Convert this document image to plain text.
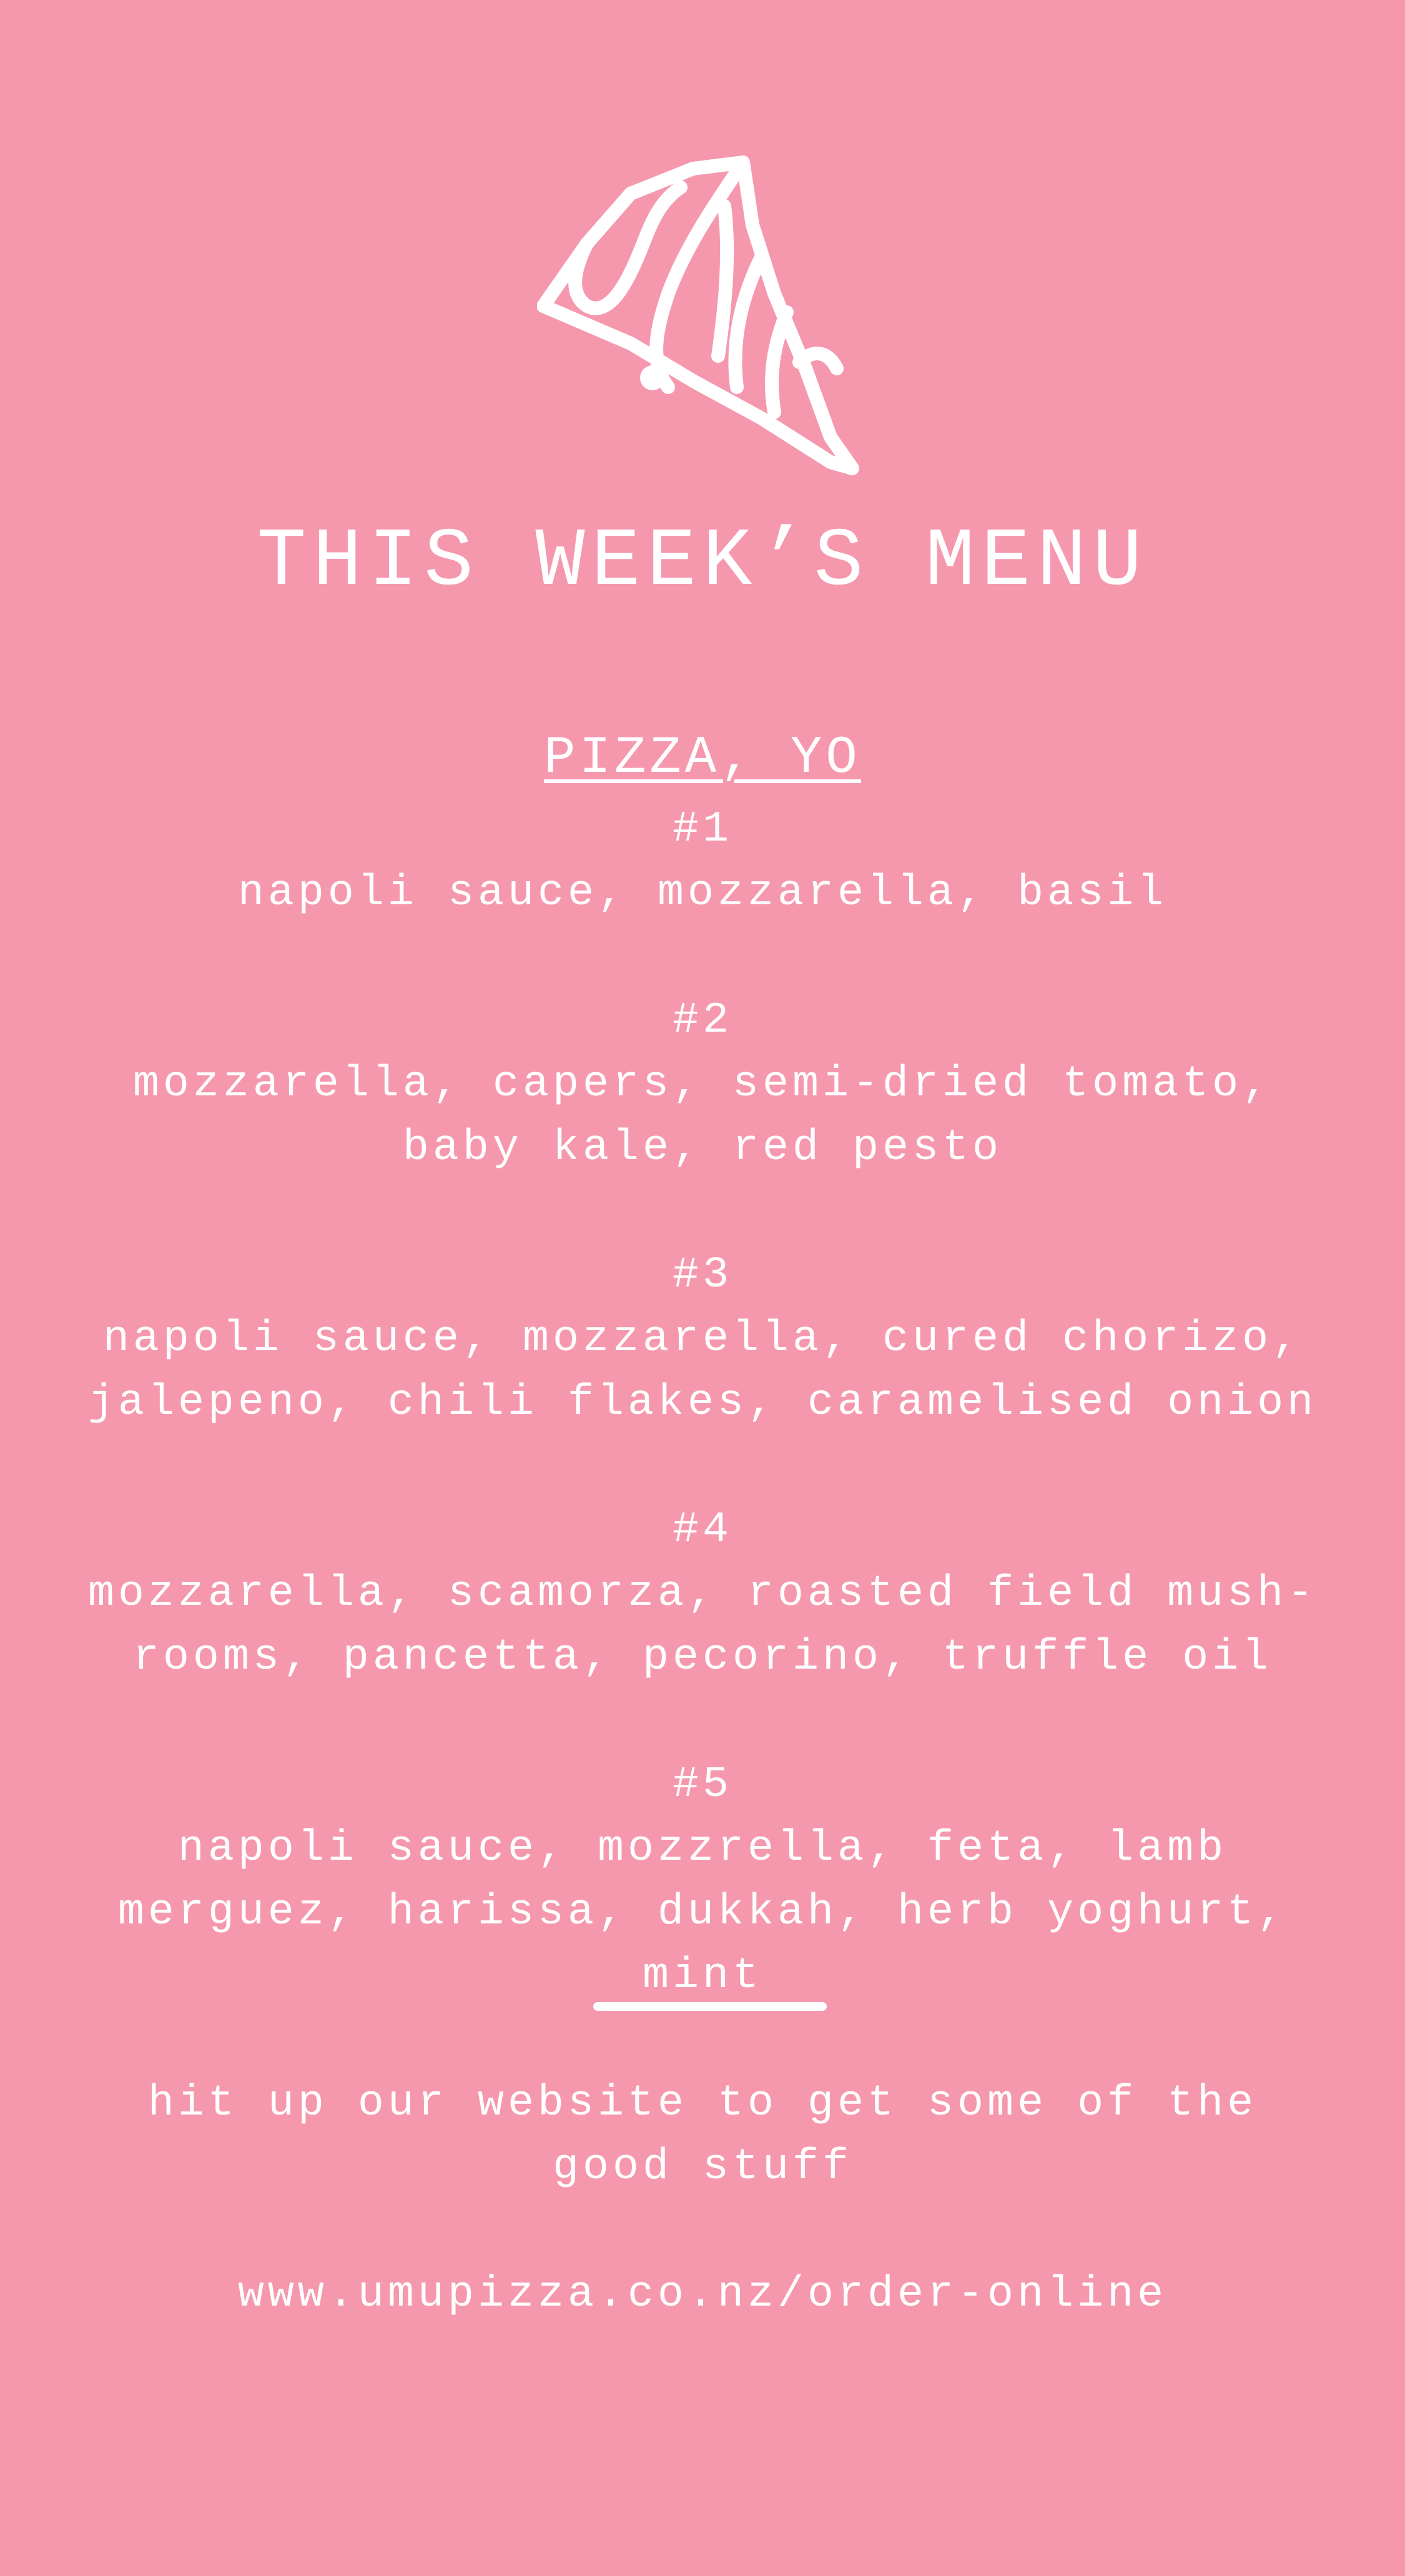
THIS WEEK’S MENU
PIZZA, YO
#1
napoli sauce, mozzarella, basil
#2
mozzarella, capers, semi-dried tomato, baby kale, red pesto
#3
napoli sauce, mozzarella, cured chorizo, jalepeno, chili flakes, caramelised onion
#4
mozzarella, scamorza, roasted field mush-rooms, pancetta, pecorino, truffle oil
#5
napoli sauce, mozzrella, feta, lamb merguez, harissa, dukkah, herb yoghurt, mint
hit up our website to get some of the good stuff
www.umupizza.co.nz/order-online
